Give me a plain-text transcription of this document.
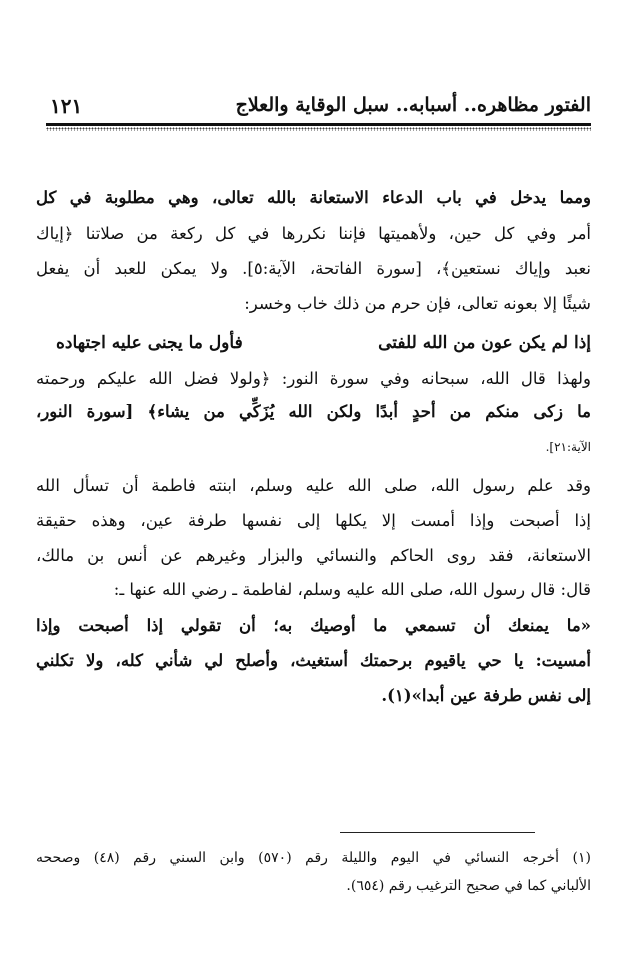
الفتور مظاهره.. أسبابه.. سبل الوقاية والعلاج
١٢١
ومما يدخل في باب الدعاء الاستعانة بالله تعالى، وهي مطلوبة في كل
أمر وفي كل حين، ولأهميتها فإننا نكررها في كل ركعة من صلاتنا ﴿إياك
نعبد وإياك نستعين﴾، [سورة الفاتحة، الآية:٥]. ولا يمكن للعبد أن يفعل
شيئًا إلا بعونه تعالى، فإن حرم من ذلك خاب وخسر:
إذا لم يكن عون من الله للفتى
فأول ما يجنى عليه اجتهاده
ولهذا قال الله، سبحانه وفي سورة النور: ﴿ولولا فضل الله عليكم ورحمته
ما زكى منكم من أحدٍ أبدًا ولكن الله يُزَكِّي من يشاء﴾ [سورة النور،
الآية:٢١].
وقد علم رسول الله، صلى الله عليه وسلم، ابنته فاطمة أن تسأل الله
إذا أصبحت وإذا أمست إلا يكلها إلى نفسها طرفة عين، وهذه حقيقة
الاستعانة، فقد روى الحاكم والنسائي والبزار وغيرهم عن أنس بن مالك،
قال: قال رسول الله، صلى الله عليه وسلم، لفاطمة ـ رضي الله عنها ـ:
«ما يمنعك أن تسمعي ما أوصيك به؛ أن تقولي إذا أصبحت وإذا
أمسيت: يا حي ياقيوم برحمتك أستغيث، وأصلح لي شأني كله، ولا تكلني
إلى نفس طرفة عين أبدا»(١).
(١) أخرجه النسائي في اليوم والليلة رقم (٥٧٠) وابن السني رقم (٤٨) وصححه
الألباني كما في صحيح الترغيب رقم (٦٥٤).
